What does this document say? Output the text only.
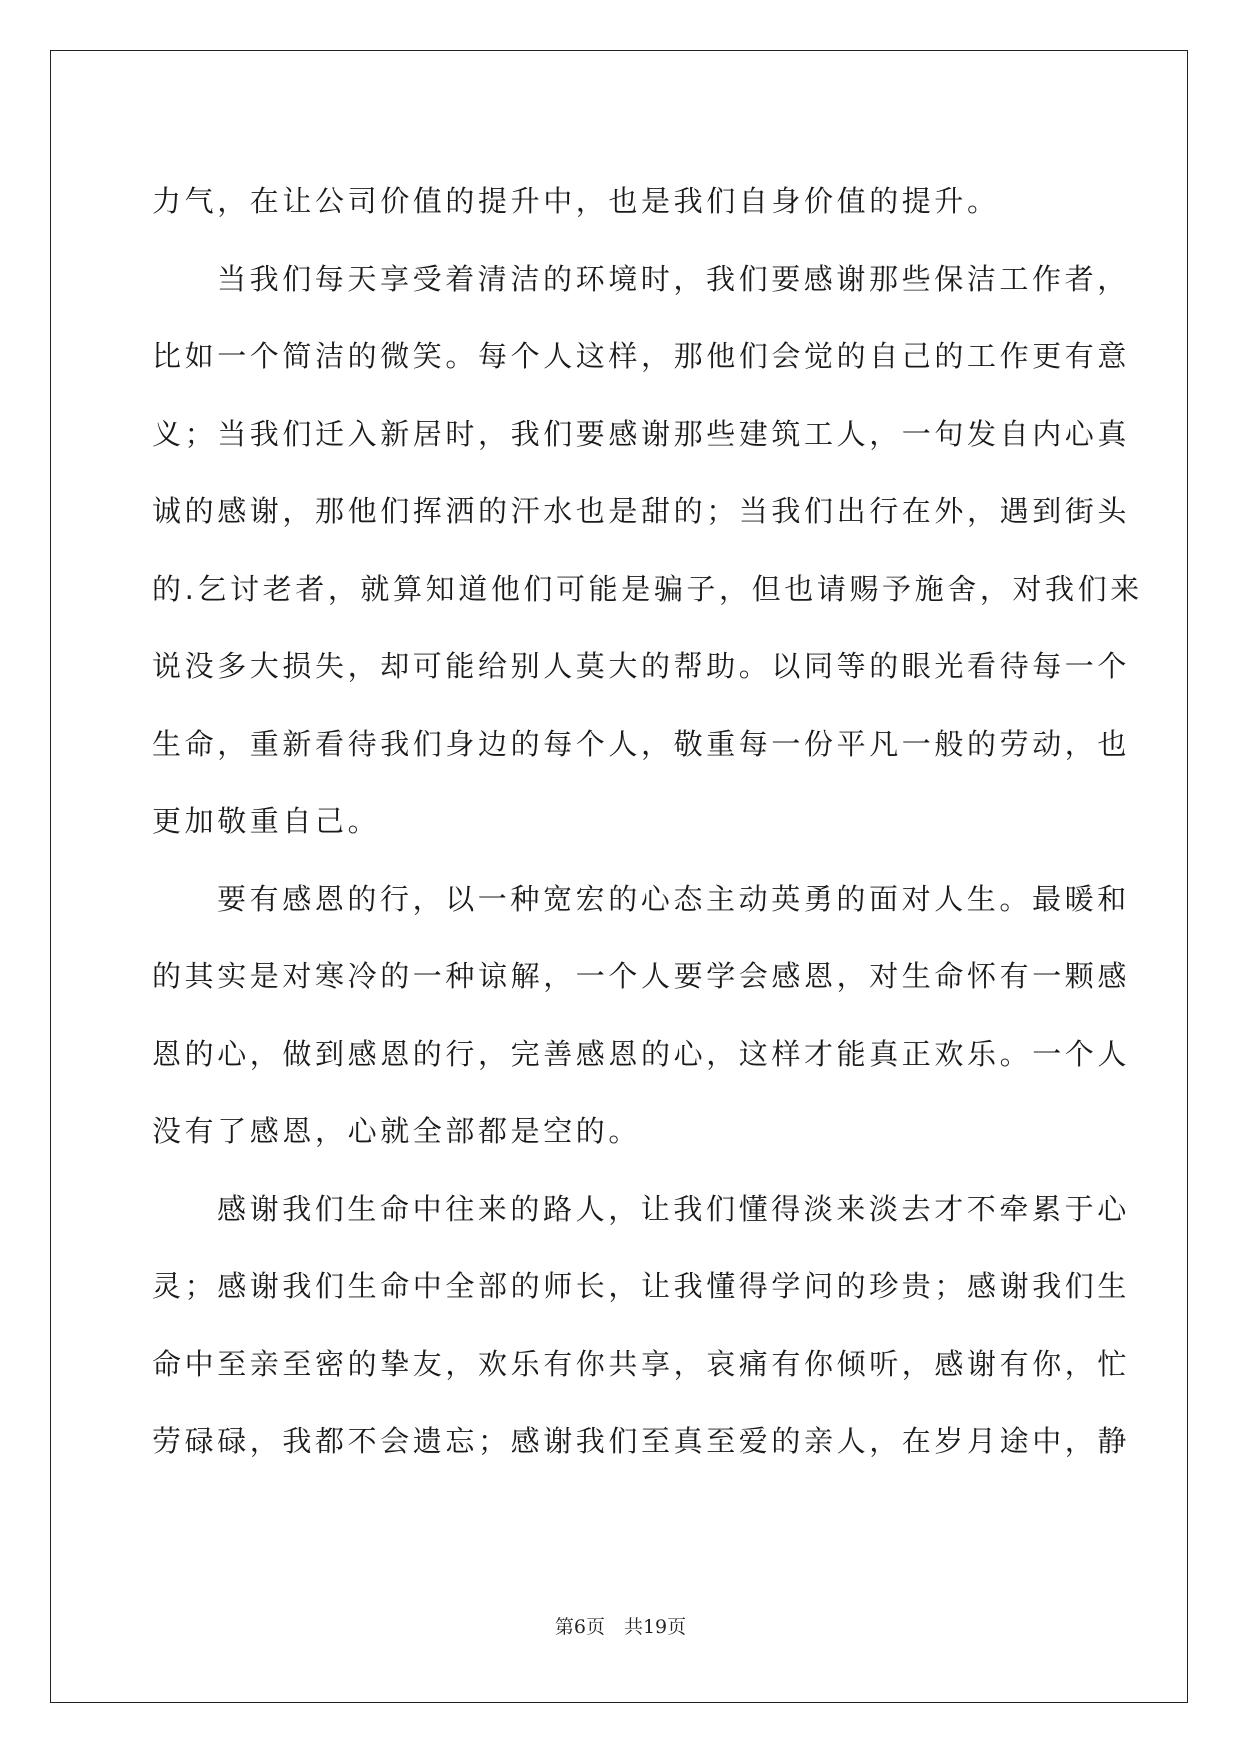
力气，在让公司价值的提升中，也是我们自身价值的提升。
当我们每天享受着清洁的环境时，我们要感谢那些保洁工作者，
比如一个简洁的微笑。每个人这样，那他们会觉的自己的工作更有意
义；当我们迁入新居时，我们要感谢那些建筑工人，一句发自内心真
诚的感谢，那他们挥洒的汗水也是甜的；当我们出行在外，遇到街头
的.乞讨老者，就算知道他们可能是骗子，但也请赐予施舍，对我们来
说没多大损失，却可能给别人莫大的帮助。以同等的眼光看待每一个
生命，重新看待我们身边的每个人，敬重每一份平凡一般的劳动，也
更加敬重自己。
要有感恩的行，以一种宽宏的心态主动英勇的面对人生。最暖和
的其实是对寒冷的一种谅解，一个人要学会感恩，对生命怀有一颗感
恩的心，做到感恩的行，完善感恩的心，这样才能真正欢乐。一个人
没有了感恩，心就全部都是空的。
感谢我们生命中往来的路人，让我们懂得淡来淡去才不牵累于心
灵；感谢我们生命中全部的师长，让我懂得学问的珍贵；感谢我们生
命中至亲至密的挚友，欢乐有你共享，哀痛有你倾听，感谢有你，忙
劳碌碌，我都不会遗忘；感谢我们至真至爱的亲人，在岁月途中，静
第6页　共19页
